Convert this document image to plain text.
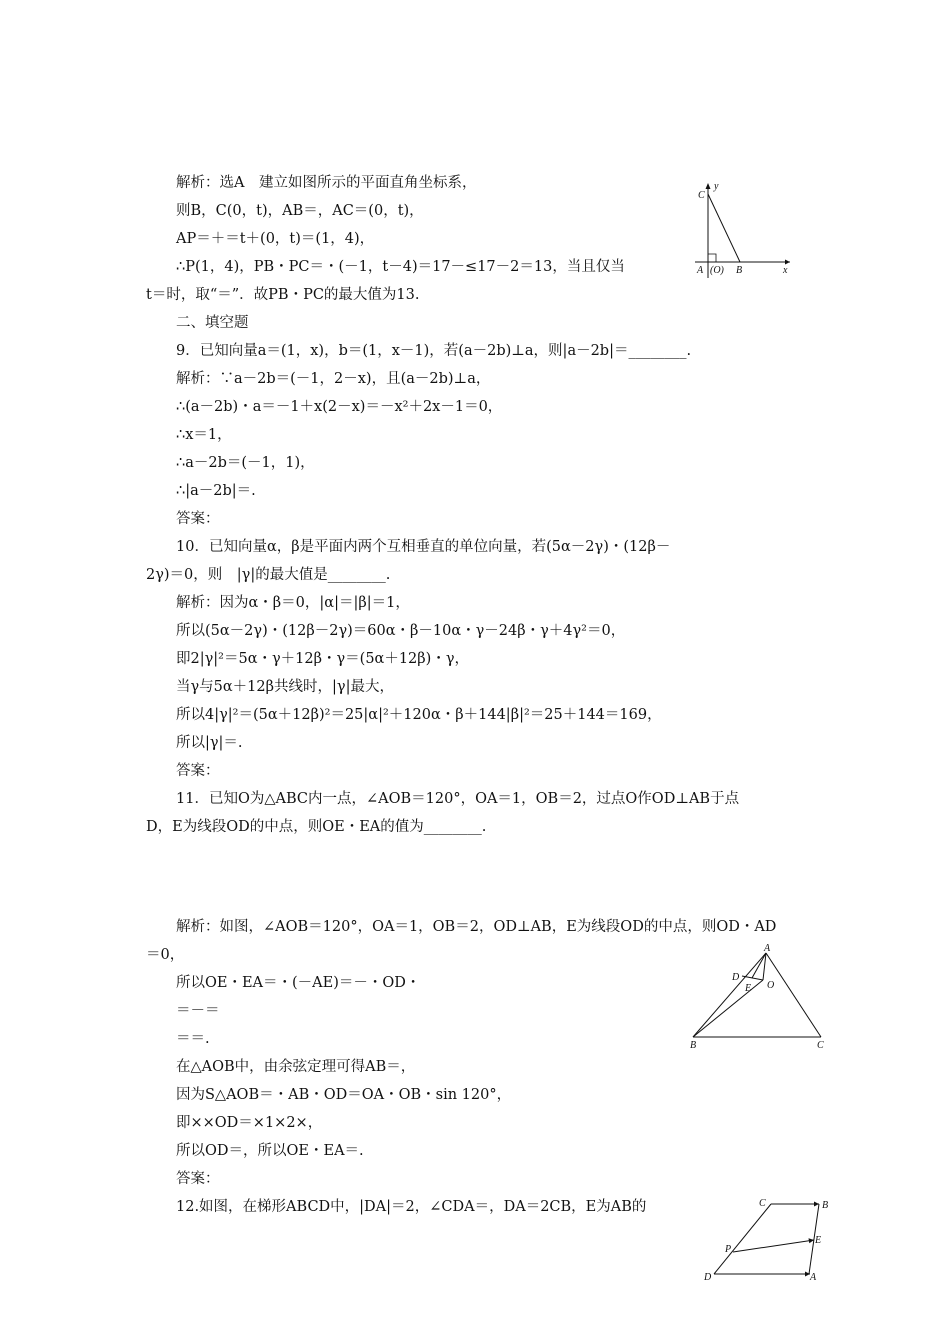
解析：选A　建立如图所示的平面直角坐标系，
则B，C(0，t)，AB＝，AC＝(0，t)，
AP＝＋＝t＋(0，t)＝(1，4)，
∴P(1，4)，PB・PC＝・(－1，t－4)＝17－≤17－2＝13，当且仅当
t＝时，取“＝”．故PB・PC的最大值为13.
二、填空题
9．已知向量a＝(1，x)，b＝(1，x－1)，若(a－2b)⊥a，则|a－2b|＝________.
解析：∵a－2b＝(－1，2－x)，且(a－2b)⊥a，
∴(a－2b)・a＝－1＋x(2－x)＝－x²＋2x－1＝0，
∴x＝1，
∴a－2b＝(－1，1)，
∴|a－2b|＝.
答案：
10．已知向量α，β是平面内两个互相垂直的单位向量，若(5α－2γ)・(12β－
2γ)＝0，则　|γ|的最大值是________.
解析：因为α・β＝0，|α|＝|β|＝1，
所以(5α－2γ)・(12β－2γ)＝60α・β－10α・γ－24β・γ＋4γ²＝0，
即2|γ|²＝5α・γ＋12β・γ＝(5α＋12β)・γ，
当γ与5α＋12β共线时，|γ|最大，
所以4|γ|²＝(5α＋12β)²＝25|α|²＋120α・β＋144|β|²＝25＋144＝169，
所以|γ|＝.
答案：
11．已知O为△ABC内一点，∠AOB＝120°，OA＝1，OB＝2，过点O作OD⊥AB于点
D，E为线段OD的中点，则OE・EA的值为________.
解析：如图，∠AOB＝120°，OA＝1，OB＝2，OD⊥AB，E为线段OD的中点，则OD・AD
＝0，
所以OE・EA＝・(－AE)＝－・OD・
＝－＝
＝＝.
在△AOB中，由余弦定理可得AB＝，
因为S△AOB＝・AB・OD＝OA・OB・sin 120°，
即××OD＝×1×2×，
所以OD＝，所以OE・EA＝.
答案：
12.如图，在梯形ABCD中，|DA|＝2，∠CDA＝，DA＝2CB，E为AB的
y
C
A (O) B	x
A
D
E O
B	C
C	B
E
P
D	A
